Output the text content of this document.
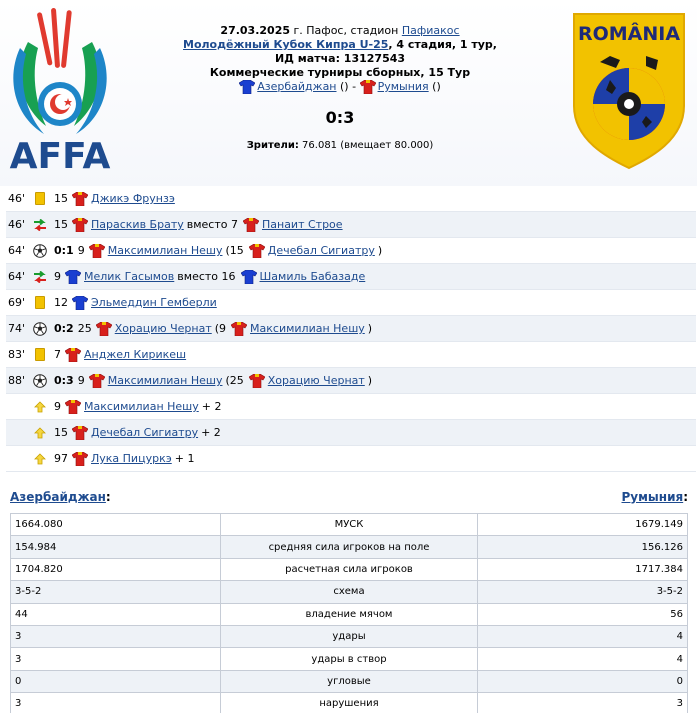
AFFA
27.03.2025 г. Пафос, стадион Пафиакос
Молодёжный Кубок Кипра U-25, 4 стадия, 1 тур,
ИД матча: 13127543
Коммерческие турниры сборных, 15 Тур
Азербайджан () - Румыния ()
0:3
Зрители: 76.081 (вмещает 80.000)
ROMÂNIA
46'	15 Джикэ Фрунзэ
46'	15 Параскив Брату вместо 7 Панаит Строе
64'	0:1 9 Максимилиан Нешу (15 Дечебал Сигиатру )
64'	9 Мелик Гасымов вместо 16 Шамиль Бабазаде
69'	12 Эльмеддин Гемберли
74'	0:2 25 Хорацию Чернат (9 Максимилиан Нешу )
83'	7 Анджел Кирикеш
88'	0:3 9 Максимилиан Нешу (25 Хорацию Чернат )
9 Максимилиан Нешу + 2
15 Дечебал Сигиатру + 2
97 Лука Пицуркэ + 1
Азербайджан:	Румыния:
1664.080	МУСК	1679.149
154.984	средняя сила игроков на поле	156.126
1704.820	расчетная сила игроков	1717.384
3-5-2	схема	3-5-2
44	владение мячом	56
3	удары	4
3	удары в створ	4
0	угловые	0
3	нарушения	3
